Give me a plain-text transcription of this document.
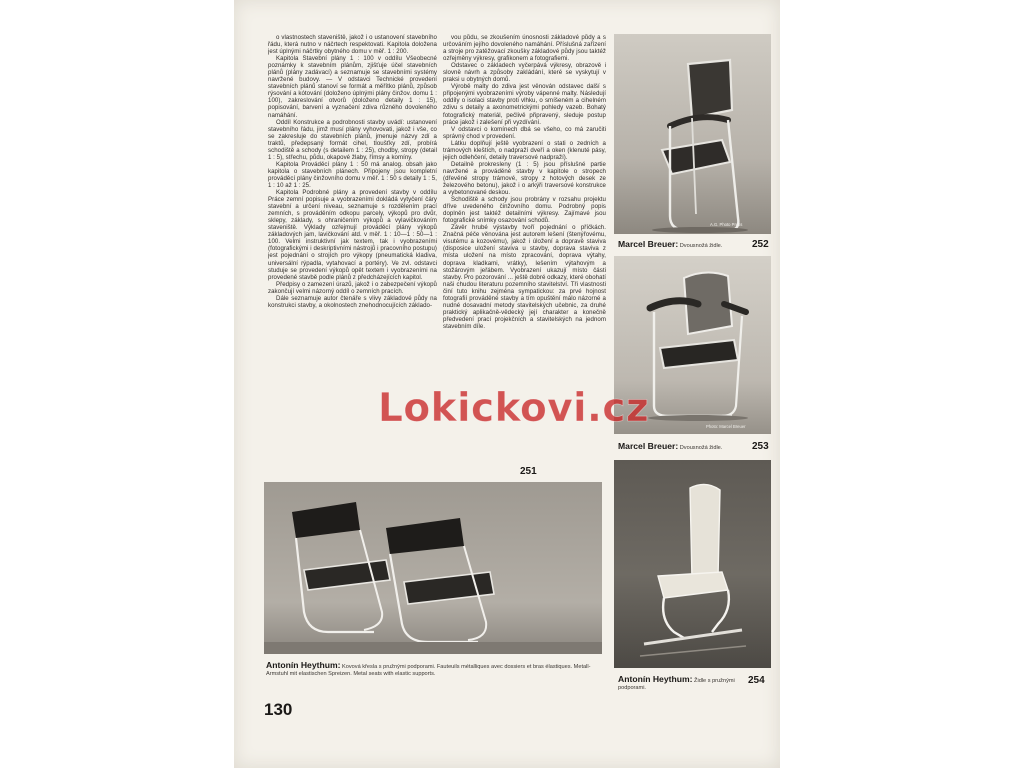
o vlastnostech staveniště, jakož i o ustanovení stavebního řádu, která nutno v náčrtech respektovati. Kapitola doložena jest úplnými náčrtky obytného domu v měř. 1 : 200.

Kapitola Stavební plány 1 : 100 v oddílu Všeobecné poznámky k stavebním plánům, zjišťuje účel stavebních plánů (plány zadávací) a seznamuje se stavebními systémy navržené budovy. — V odstavci Technické provedení stavebních plánů stanoví se formát a měřítko plánů, způsob rýsování a kótování (doloženo úplnými plány činžov. domu 1 : 100), zakreslování otvorů (doloženo detaily 1 : 15), popisování, barvení a vyznačení zdiva různého dovoleného namáhání.

Oddíl Konstrukce a podrobnosti stavby uvádí: ustanovení stavebního řádu, jimž musí plány vyhovovati, jakož i vše, co se zakresluje do stavebních plánů, jmenuje názvy zdí a traktů, předepsaný formát cihel, tloušťky zdí, probírá schodiště a schody (s detailem 1 : 25), chodby, stropy (detail 1 : 5), střechu, půdu, okapové žlaby, římsy a komíny.

Kapitola Prováděcí plány 1 : 50 má analog. obsah jako kapitola o stavebních plánech. Připojeny jsou kompletní prováděcí plány činžovního domu v měř. 1 : 50 s detaily 1 : 5, 1 : 10 až 1 : 25.

Kapitola Podrobné plány a provedení stavby v oddílu Práce zemní popisuje a vyobrazeními dokládá vytyčení čáry stavební a určení niveau, seznamuje s rozdělením prací zemních, s prováděním odkopu parcely, výkopů pro dvůr, sklepy, základy, s ohraničením výkopů a vylavičkováním staveniště. Výklady ozřejmují prováděcí plány výkopů základových jam, lavičkování atd. v měř. 1 : 10—1 : 50—1 : 100. Velmi instruktivní jak textem, tak i vyobrazeními (fotografickými i deskriptivními nástrojů i pracovního postupu) jest pojednání o strojích pro výkopy (pneumatická kladiva, universální rýpadla, vytahovací a portéry). Ve zvl. odstavci studuje se provedení výkopů opět textem i vyobrazeními na provedené stavbě podle plánů z předcházejících kapitol.

Předpisy o zamezení úrazů, jakož i o zabezpečení výkopů zakončují velmi názorný oddíl o zemních pracích.

Dále seznamuje autor čtenáře s vlivy základové půdy na konstrukci stavby, a okolnostech znehodnocujících základo-

vou půdu, se zkoušením únosnosti základové půdy a s určováním jejího dovoleného namáhání. Příslušná zařízení a stroje pro zatěžovací zkoušky základové půdy jsou taktéž ozřejměny výkresy, grafikonem a fotografiemi.

Odstavec o základech vyčerpává výkresy, obrazově i slovně návrh a způsoby zakládání, které se vyskytují v praksi u obytných domů.

Výrobě malty do zdiva jest věnován odstavec další s připojenými vyobrazeními výroby vápenné malty. Následují oddíly o isolaci stavby proti vlhku, o smíšeném a cihelném zdivu s detaily a axonometrickými pohledy vazeb. Bohatý fotografický materiál, pečlivě připravený, sleduje postup práce jakož i zalešení při vyzdívání.

V odstavci o komínech dbá se všeho, co má zaručiti správný chod v provedení.

Látku doplňují ještě vyobrazení o stati o zedních a trámových kleštích, o nadpraží dveří a oken (klenuté pásy, jejich odlehčení, detaily traversové nadpraží).

Detailně prokresleny (1 : 5) jsou příslušné partie navržené a prováděné stavby v kapitole o stropech (dřevěné stropy trámové, stropy z hotových desek ze železového betonu), jakož i o arkýři traversové konstrukce a vybetonované deskou.

Schodiště a schody jsou probrány v rozsahu projektu dříve uvedeného činžovního domu. Podrobný popis doplněn jest taktéž detailními výkresy. Zajímavé jsou fotografické snímky osazování schodů.

Závěr hrubé výstavby tvoří pojednání o příčkách. Značná péče věnována jest autorem lešení (štenýřovému, visutému a kozovému), jakož i úložení a dopravě staviva (disposice uložení staviva u stavby, doprava staviva z místa uložení na místo zpracování, doprava výtahy, doprava kladkami, vrátky), lešením výtahovým a stožárovým jeřábem. Vyobrazení ukazují místo části stavby. Pro pozorování ... ještě dobré odkazy, které obohatí naši chudou literaturu pozemního stavitelství. Tři vlastnosti činí tuto knihu zejména sympatickou: za prvé hojnost fotografií prováděné stavby a tím opuštění málo názorné a nudné dosavadní metody stavitelských učebnic, za druhé praktický aplikačně-vědecký její charakter a konečně předvedení prací projekčních a stavitelských na jednom stavebním díle.

A.G. Photo Press
Marcel Breuer: Dvousnožá židle.	252
Photo: Marcel Breuer
Marcel Breuer: Dvousnožá židle.	253
Antonín Heythum: Židle s pružnými podporami.
254
251
Antonín Heythum: Kovová křesla s pružnými podporami. Fauteuils métalliques avec dossiers et bras élastiques. Metall-Armstuhl mit elastischen Spreizen. Metal seats with elastic supports.
130
Lokickovi.cz
